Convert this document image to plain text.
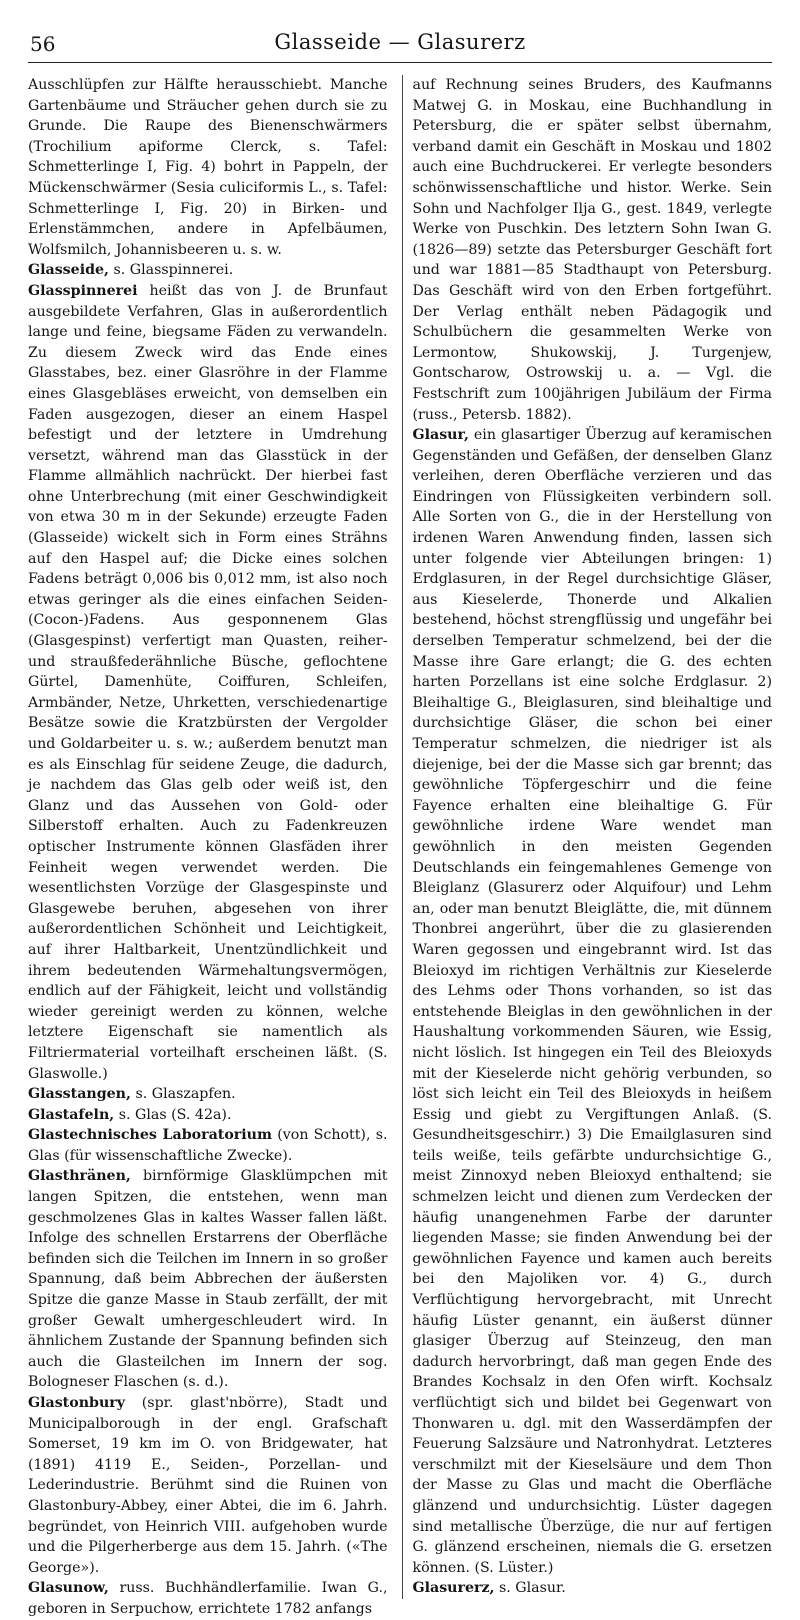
56	Glasseide — Glasurerz

Ausschlüpfen zur Hälfte herausschiebt. Manche Gartenbäume und Sträucher gehen durch sie zu Grunde. Die Raupe des Bienenschwärmers (Trochilium apiforme Clerck, s. Tafel: Schmetterlinge I, Fig. 4) bohrt in Pappeln, der Mückenschwärmer (Sesia culiciformis L., s. Tafel: Schmetterlinge I, Fig. 20) in Birken- und Erlenstämmchen, andere in Apfelbäumen, Wolfsmilch, Johannisbeeren u. s. w.

Glasseide, s. Glasspinnerei.

Glasspinnerei heißt das von J. de Brunfaut ausgebildete Verfahren, Glas in außerordentlich lange und feine, biegsame Fäden zu verwandeln. Zu diesem Zweck wird das Ende eines Glasstabes, bez. einer Glasröhre in der Flamme eines Glasgebläses erweicht, von demselben ein Faden ausgezogen, dieser an einem Haspel befestigt und der letztere in Umdrehung versetzt, während man das Glasstück in der Flamme allmählich nachrückt. Der hierbei fast ohne Unterbrechung (mit einer Geschwindigkeit von etwa 30 m in der Sekunde) erzeugte Faden (Glasseide) wickelt sich in Form eines Strähns auf den Haspel auf; die Dicke eines solchen Fadens beträgt 0,006 bis 0,012 mm, ist also noch etwas geringer als die eines einfachen Seiden- (Cocon-)Fadens. Aus gesponnenem Glas (Glasgespinst) verfertigt man Quasten, reiher- und straußfederähnliche Büsche, geflochtene Gürtel, Damenhüte, Coiffuren, Schleifen, Armbänder, Netze, Uhrketten, verschiedenartige Besätze sowie die Kratzbürsten der Vergolder und Goldarbeiter u. s. w.; außerdem benutzt man es als Einschlag für seidene Zeuge, die dadurch, je nachdem das Glas gelb oder weiß ist, den Glanz und das Aussehen von Gold- oder Silberstoff erhalten. Auch zu Fadenkreuzen optischer Instrumente können Glasfäden ihrer Feinheit wegen verwendet werden. Die wesentlichsten Vorzüge der Glasgespinste und Glasgewebe beruhen, abgesehen von ihrer außerordentlichen Schönheit und Leichtigkeit, auf ihrer Haltbarkeit, Unentzündlichkeit und ihrem bedeutenden Wärmehaltungsvermögen, endlich auf der Fähigkeit, leicht und vollständig wieder gereinigt werden zu können, welche letztere Eigenschaft sie namentlich als Filtriermaterial vorteilhaft erscheinen läßt. (S. Glaswolle.)

Glasstangen, s. Glaszapfen.

Glastafeln, s. Glas (S. 42a).

Glastechnisches Laboratorium (von Schott), s. Glas (für wissenschaftliche Zwecke).

Glasthränen, birnförmige Glasklümpchen mit langen Spitzen, die entstehen, wenn man geschmolzenes Glas in kaltes Wasser fallen läßt. Infolge des schnellen Erstarrens der Oberfläche befinden sich die Teilchen im Innern in so großer Spannung, daß beim Abbrechen der äußersten Spitze die ganze Masse in Staub zerfällt, der mit großer Gewalt umhergeschleudert wird. In ähnlichem Zustande der Spannung befinden sich auch die Glasteilchen im Innern der sog. Bologneser Flaschen (s. d.).

Glastonbury (spr. glast'nbörre), Stadt und Municipalborough in der engl. Grafschaft Somerset, 19 km im O. von Bridgewater, hat (1891) 4119 E., Seiden-, Porzellan- und Lederindustrie. Berühmt sind die Ruinen von Glastonbury-Abbey, einer Abtei, die im 6. Jahrh. begründet, von Heinrich VIII. aufgehoben wurde und die Pilgerherberge aus dem 15. Jahrh. («The George»).

Glasunow, russ. Buchhändlerfamilie. Iwan G., geboren in Serpuchow, errichtete 1782 anfangs

auf Rechnung seines Bruders, des Kaufmanns Matwej G. in Moskau, eine Buchhandlung in Petersburg, die er später selbst übernahm, verband damit ein Geschäft in Moskau und 1802 auch eine Buchdruckerei. Er verlegte besonders schönwissenschaftliche und histor. Werke. Sein Sohn und Nachfolger Ilja G., gest. 1849, verlegte Werke von Puschkin. Des letztern Sohn Iwan G. (1826—89) setzte das Petersburger Geschäft fort und war 1881—85 Stadthaupt von Petersburg. Das Geschäft wird von den Erben fortgeführt. Der Verlag enthält neben Pädagogik und Schulbüchern die gesammelten Werke von Lermontow, Shukowskij, J. Turgenjew, Gontscharow, Ostrowskij u. a. — Vgl. die Festschrift zum 100jährigen Jubiläum der Firma (russ., Petersb. 1882).

Glasur, ein glasartiger Überzug auf keramischen Gegenständen und Gefäßen, der denselben Glanz verleihen, deren Oberfläche verzieren und das Eindringen von Flüssigkeiten verbindern soll. Alle Sorten von G., die in der Herstellung von irdenen Waren Anwendung finden, lassen sich unter folgende vier Abteilungen bringen: 1) Erdglasuren, in der Regel durchsichtige Gläser, aus Kieselerde, Thonerde und Alkalien bestehend, höchst strengflüssig und ungefähr bei derselben Temperatur schmelzend, bei der die Masse ihre Gare erlangt; die G. des echten harten Porzellans ist eine solche Erdglasur. 2) Bleihaltige G., Bleiglasuren, sind bleihaltige und durchsichtige Gläser, die schon bei einer Temperatur schmelzen, die niedriger ist als diejenige, bei der die Masse sich gar brennt; das gewöhnliche Töpfergeschirr und die feine Fayence erhalten eine bleihaltige G. Für gewöhnliche irdene Ware wendet man gewöhnlich in den meisten Gegenden Deutschlands ein feingemahlenes Gemenge von Bleiglanz (Glasurerz oder Alquifour) und Lehm an, oder man benutzt Bleiglätte, die, mit dünnem Thonbrei angerührt, über die zu glasierenden Waren gegossen und eingebrannt wird. Ist das Bleioxyd im richtigen Verhältnis zur Kieselerde des Lehms oder Thons vorhanden, so ist das entstehende Bleiglas in den gewöhnlichen in der Haushaltung vorkommenden Säuren, wie Essig, nicht löslich. Ist hingegen ein Teil des Bleioxyds mit der Kieselerde nicht gehörig verbunden, so löst sich leicht ein Teil des Bleioxyds in heißem Essig und giebt zu Vergiftungen Anlaß. (S. Gesundheitsgeschirr.) 3) Die Emailglasuren sind teils weiße, teils gefärbte undurchsichtige G., meist Zinnoxyd neben Bleioxyd enthaltend; sie schmelzen leicht und dienen zum Verdecken der häufig unangenehmen Farbe der darunter liegenden Masse; sie finden Anwendung bei der gewöhnlichen Fayence und kamen auch bereits bei den Majoliken vor. 4) G., durch Verflüchtigung hervorgebracht, mit Unrecht häufig Lüster genannt, ein äußerst dünner glasiger Überzug auf Steinzeug, den man dadurch hervorbringt, daß man gegen Ende des Brandes Kochsalz in den Ofen wirft. Kochsalz verflüchtigt sich und bildet bei Gegenwart von Thonwaren u. dgl. mit den Wasserdämpfen der Feuerung Salzsäure und Natronhydrat. Letzteres verschmilzt mit der Kieselsäure und dem Thon der Masse zu Glas und macht die Oberfläche glänzend und undurchsichtig. Lüster dagegen sind metallische Überzüge, die nur auf fertigen G. glänzend erscheinen, niemals die G. ersetzen können. (S. Lüster.)

Glasurerz, s. Glasur.
